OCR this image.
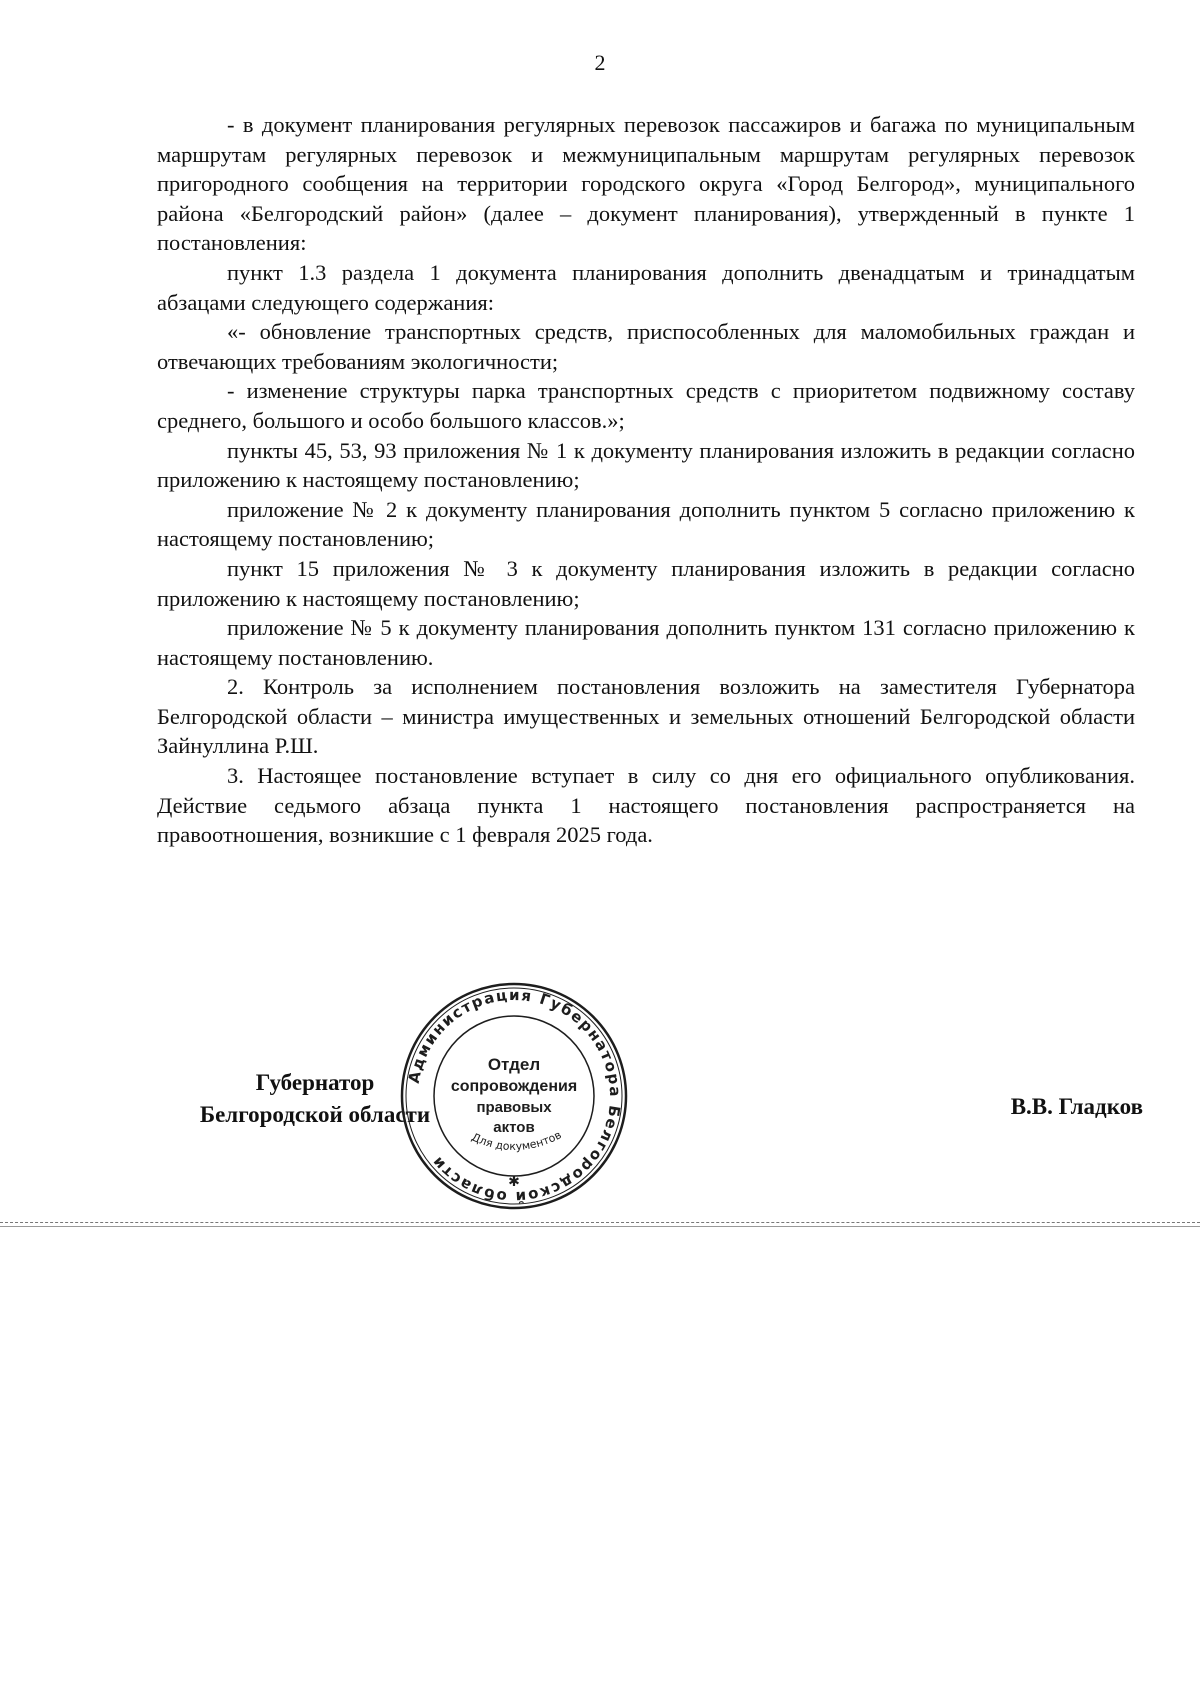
2

- в документ планирования регулярных перевозок пассажиров и багажа по муниципальным маршрутам регулярных перевозок и межмуниципальным маршрутам регулярных перевозок пригородного сообщения на территории городского округа «Город Белгород», муниципального района «Белгородский район» (далее – документ планирования), утвержденный в пункте 1 постановления:

пункт 1.3 раздела 1 документа планирования дополнить двенадцатым и тринадцатым абзацами следующего содержания:

«- обновление транспортных средств, приспособленных для маломобильных граждан и отвечающих требованиям экологичности;

- изменение структуры парка транспортных средств с приоритетом подвижному составу среднего, большого и особо большого классов.»;

пункты 45, 53, 93 приложения № 1 к документу планирования изложить в редакции согласно приложению к настоящему постановлению;

приложение № 2 к документу планирования дополнить пунктом 5 согласно приложению к настоящему постановлению;

пункт 15 приложения № 3 к документу планирования изложить в редакции согласно приложению к настоящему постановлению;

приложение № 5 к документу планирования дополнить пунктом 131 согласно приложению к настоящему постановлению.

2. Контроль за исполнением постановления возложить на заместителя Губернатора Белгородской области – министра имущественных и земельных отношений Белгородской области Зайнуллина Р.Ш.

3. Настоящее постановление вступает в силу со дня его официального опубликования. Действие седьмого абзаца пункта 1 настоящего постановления распространяется на правоотношения, возникшие с 1 февраля 2025 года.

Губернатор
Белгородской области
Администрация Губернатора Белгородской области
Для документов
✱
Отдел
сопровождения
правовых
актов
В.В. Гладков
